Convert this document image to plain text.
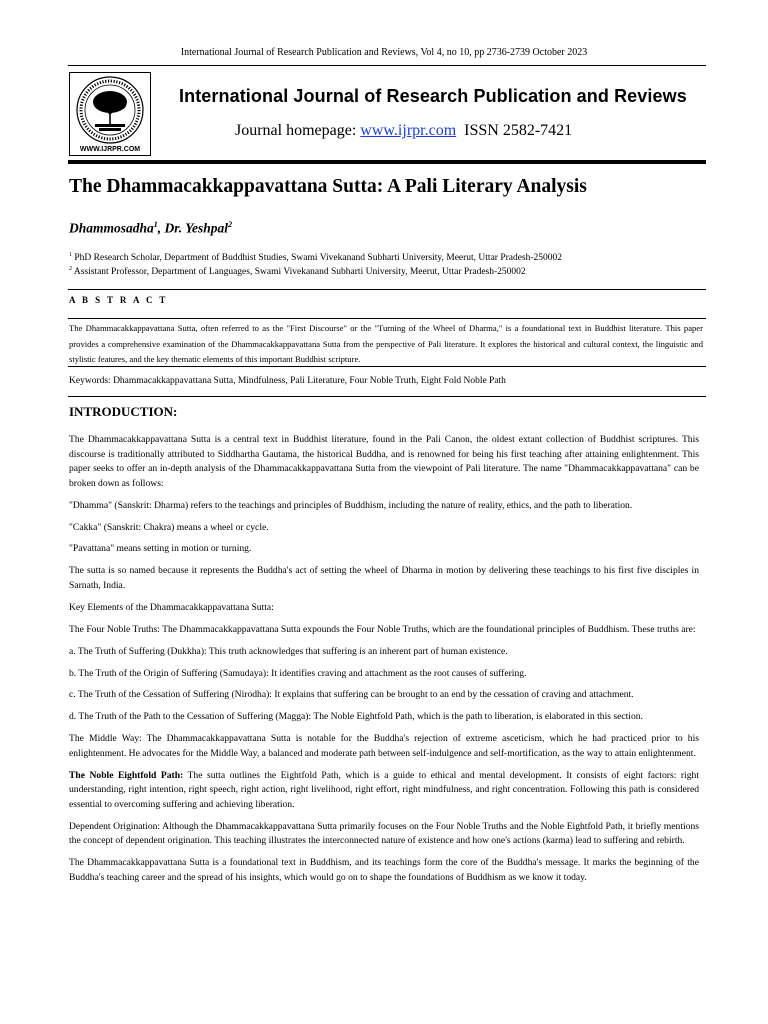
International Journal of Research Publication and Reviews, Vol 4, no 10, pp 2736-2739 October 2023
WWW.IJRPR.COM
International Journal of Research Publication and Reviews
Journal homepage: www.ijrpr.com ISSN 2582-7421
The Dhammacakkappavattana Sutta: A Pali Literary Analysis
Dhammosadha$^1$, Dr. Yeshpal$^2$
$^1$ PhD Research Scholar, Department of Buddhist Studies, Swami Vivekanand Subharti University, Meerut, Uttar Pradesh-250002
$^2$ Assistant Professor, Department of Languages, Swami Vivekanand Subharti University, Meerut, Uttar Pradesh-250002
A B S T R A C T
The Dhammacakkappavattana Sutta, often referred to as the "First Discourse" or the "Turning of the Wheel of Dharma," is a foundational text in Buddhist literature. This paper provides a comprehensive examination of the Dhammacakkappavattana Sutta from the perspective of Pali literature. It explores the historical and cultural context, the linguistic and stylistic features, and the key thematic elements of this important Buddhist scripture.
Keywords: Dhammacakkappavattana Sutta, Mindfulness, Pali Literature, Four Noble Truth, Eight Fold Noble Path
INTRODUCTION:

The Dhammacakkappavattana Sutta is a central text in Buddhist literature, found in the Pali Canon, the oldest extant collection of Buddhist scriptures. This discourse is traditionally attributed to Siddhartha Gautama, the historical Buddha, and is renowned for being his first teaching after attaining enlightenment. This paper seeks to offer an in-depth analysis of the Dhammacakkappavattana Sutta from the viewpoint of Pali literature. The name "Dhammacakkappavattana" can be broken down as follows:

"Dhamma" (Sanskrit: Dharma) refers to the teachings and principles of Buddhism, including the nature of reality, ethics, and the path to liberation.

"Cakka" (Sanskrit: Chakra) means a wheel or cycle.

"Pavattana" means setting in motion or turning.

The sutta is so named because it represents the Buddha's act of setting the wheel of Dharma in motion by delivering these teachings to his first five disciples in Sarnath, India.

Key Elements of the Dhammacakkappavattana Sutta:

The Four Noble Truths: The Dhammacakkappavattana Sutta expounds the Four Noble Truths, which are the foundational principles of Buddhism. These truths are:

a. The Truth of Suffering (Dukkha): This truth acknowledges that suffering is an inherent part of human existence.

b. The Truth of the Origin of Suffering (Samudaya): It identifies craving and attachment as the root causes of suffering.

c. The Truth of the Cessation of Suffering (Nirodha): It explains that suffering can be brought to an end by the cessation of craving and attachment.

d. The Truth of the Path to the Cessation of Suffering (Magga): The Noble Eightfold Path, which is the path to liberation, is elaborated in this section.

The Middle Way: The Dhammacakkappavattana Sutta is notable for the Buddha's rejection of extreme asceticism, which he had practiced prior to his enlightenment. He advocates for the Middle Way, a balanced and moderate path between self-indulgence and self-mortification, as the way to attain enlightenment.

The Noble Eightfold Path: The sutta outlines the Eightfold Path, which is a guide to ethical and mental development. It consists of eight factors: right understanding, right intention, right speech, right action, right livelihood, right effort, right mindfulness, and right concentration. Following this path is considered essential to overcoming suffering and achieving liberation.

Dependent Origination: Although the Dhammacakkappavattana Sutta primarily focuses on the Four Noble Truths and the Noble Eightfold Path, it briefly mentions the concept of dependent origination. This teaching illustrates the interconnected nature of existence and how one's actions (karma) lead to suffering and rebirth.

The Dhammacakkappavattana Sutta is a foundational text in Buddhism, and its teachings form the core of the Buddha's message. It marks the beginning of the Buddha's teaching career and the spread of his insights, which would go on to shape the foundations of Buddhism as we know it today.
